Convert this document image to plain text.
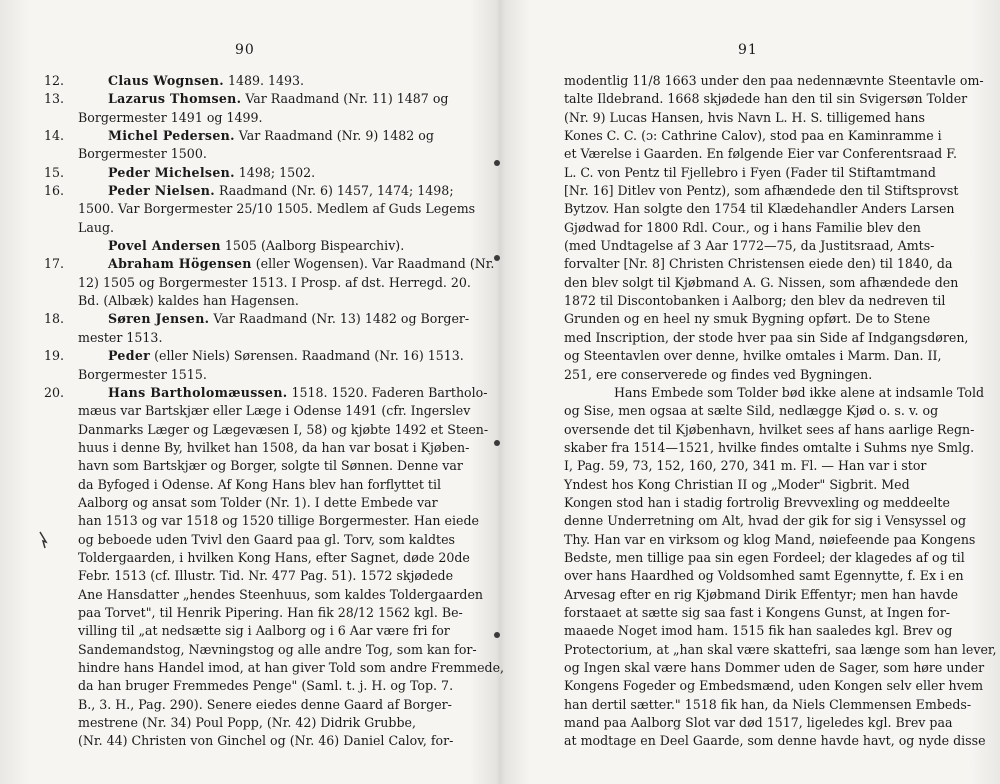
90
12.	Claus Wognsen. 1489. 1493.
13.	Lazarus Thomsen. Var Raadmand (Nr. 11) 1487 og
Borgermester 1491 og 1499.
14.	Michel Pedersen. Var Raadmand (Nr. 9) 1482 og
Borgermester 1500.
15.	Peder Michelsen. 1498; 1502.
16.	Peder Nielsen. Raadmand (Nr. 6) 1457, 1474; 1498;
1500. Var Borgermester 25/10 1505. Medlem af Guds Legems
Laug.
Povel Andersen 1505 (Aalborg Bispearchiv).
17.	Abraham Högensen (eller Wogensen). Var Raadmand (Nr.
12) 1505 og Borgermester 1513. I Prosp. af dst. Herregd. 20.
Bd. (Albæk) kaldes han Hagensen.
18.	Søren Jensen. Var Raadmand (Nr. 13) 1482 og Borger-
mester 1513.
19.	Peder (eller Niels) Sørensen. Raadmand (Nr. 16) 1513.
Borgermester 1515.
20.	Hans Bartholomæussen. 1518. 1520. Faderen Bartholo-
mæus var Bartskjær eller Læge i Odense 1491 (cfr. Ingerslev
Danmarks Læger og Lægevæsen I, 58) og kjøbte 1492 et Steen-
huus i denne By, hvilket han 1508, da han var bosat i Kjøben-
havn som Bartskjær og Borger, solgte til Sønnen. Denne var
da Byfoged i Odense. Af Kong Hans blev han forflyttet til
Aalborg og ansat som Tolder (Nr. 1). I dette Embede var
han 1513 og var 1518 og 1520 tillige Borgermester. Han eiede
og beboede uden Tvivl den Gaard paa gl. Torv, som kaldtes
Toldergaarden, i hvilken Kong Hans, efter Sagnet, døde 20de
Febr. 1513 (cf. Illustr. Tid. Nr. 477 Pag. 51). 1572 skjødede
Ane Hansdatter „hendes Steenhuus, som kaldes Toldergaarden
paa Torvet", til Henrik Pipering. Han fik 28/12 1562 kgl. Be-
villing til „at nedsætte sig i Aalborg og i 6 Aar være fri for
Sandemandstog, Nævningstog og alle andre Tog, som kan for-
hindre hans Handel imod, at han giver Told som andre Fremmede,
da han bruger Fremmedes Penge" (Saml. t. j. H. og Top. 7.
B., 3. H., Pag. 290). Senere eiedes denne Gaard af Borger-
mestrene (Nr. 34) Poul Popp, (Nr. 42) Didrik Grubbe,
(Nr. 44) Christen von Ginchel og (Nr. 46) Daniel Calov, for-
91
modentlig 11/8 1663 under den paa nedennævnte Steentavle om-
talte Ildebrand. 1668 skjødede han den til sin Svigersøn Tolder
(Nr. 9) Lucas Hansen, hvis Navn L. H. S. tilligemed hans
Kones C. C. (ɔ: Cathrine Calov), stod paa en Kaminramme i
et Værelse i Gaarden. En følgende Eier var Conferentsraad F.
L. C. von Pentz til Fjellebro i Fyen (Fader til Stiftamtmand
[Nr. 16] Ditlev von Pentz), som afhændede den til Stiftsprovst
Bytzov. Han solgte den 1754 til Klædehandler Anders Larsen
Gjødwad for 1800 Rdl. Cour., og i hans Familie blev den
(med Undtagelse af 3 Aar 1772—75, da Justitsraad, Amts-
forvalter [Nr. 8] Christen Christensen eiede den) til 1840, da
den blev solgt til Kjøbmand A. G. Nissen, som afhændede den
1872 til Discontobanken i Aalborg; den blev da nedreven til
Grunden og en heel ny smuk Bygning opført. De to Stene
med Inscription, der stode hver paa sin Side af Indgangsdøren,
og Steentavlen over denne, hvilke omtales i Marm. Dan. II,
251, ere conserverede og findes ved Bygningen.
Hans Embede som Tolder bød ikke alene at indsamle Told
og Sise, men ogsaa at sælte Sild, nedlægge Kjød o. s. v. og
oversende det til Kjøbenhavn, hvilket sees af hans aarlige Regn-
skaber fra 1514—1521, hvilke findes omtalte i Suhms nye Smlg.
I, Pag. 59, 73, 152, 160, 270, 341 m. Fl. — Han var i stor
Yndest hos Kong Christian II og „Moder" Sigbrit. Med
Kongen stod han i stadig fortrolig Brevvexling og meddeelte
denne Underretning om Alt, hvad der gik for sig i Vensyssel og
Thy. Han var en virksom og klog Mand, nøiefeende paa Kongens
Bedste, men tillige paa sin egen Fordeel; der klagedes af og til
over hans Haardhed og Voldsomhed samt Egennytte, f. Ex i en
Arvesag efter en rig Kjøbmand Dirik Effentyr; men han havde
forstaaet at sætte sig saa fast i Kongens Gunst, at Ingen for-
maaede Noget imod ham. 1515 fik han saaledes kgl. Brev og
Protectorium, at „han skal være skattefri, saa længe som han lever,
og Ingen skal være hans Dommer uden de Sager, som høre under
Kongens Fogeder og Embedsmænd, uden Kongen selv eller hvem
han dertil sætter." 1518 fik han, da Niels Clemmensen Embeds-
mand paa Aalborg Slot var død 1517, ligeledes kgl. Brev paa
at modtage en Deel Gaarde, som denne havde havt, og nyde disse
